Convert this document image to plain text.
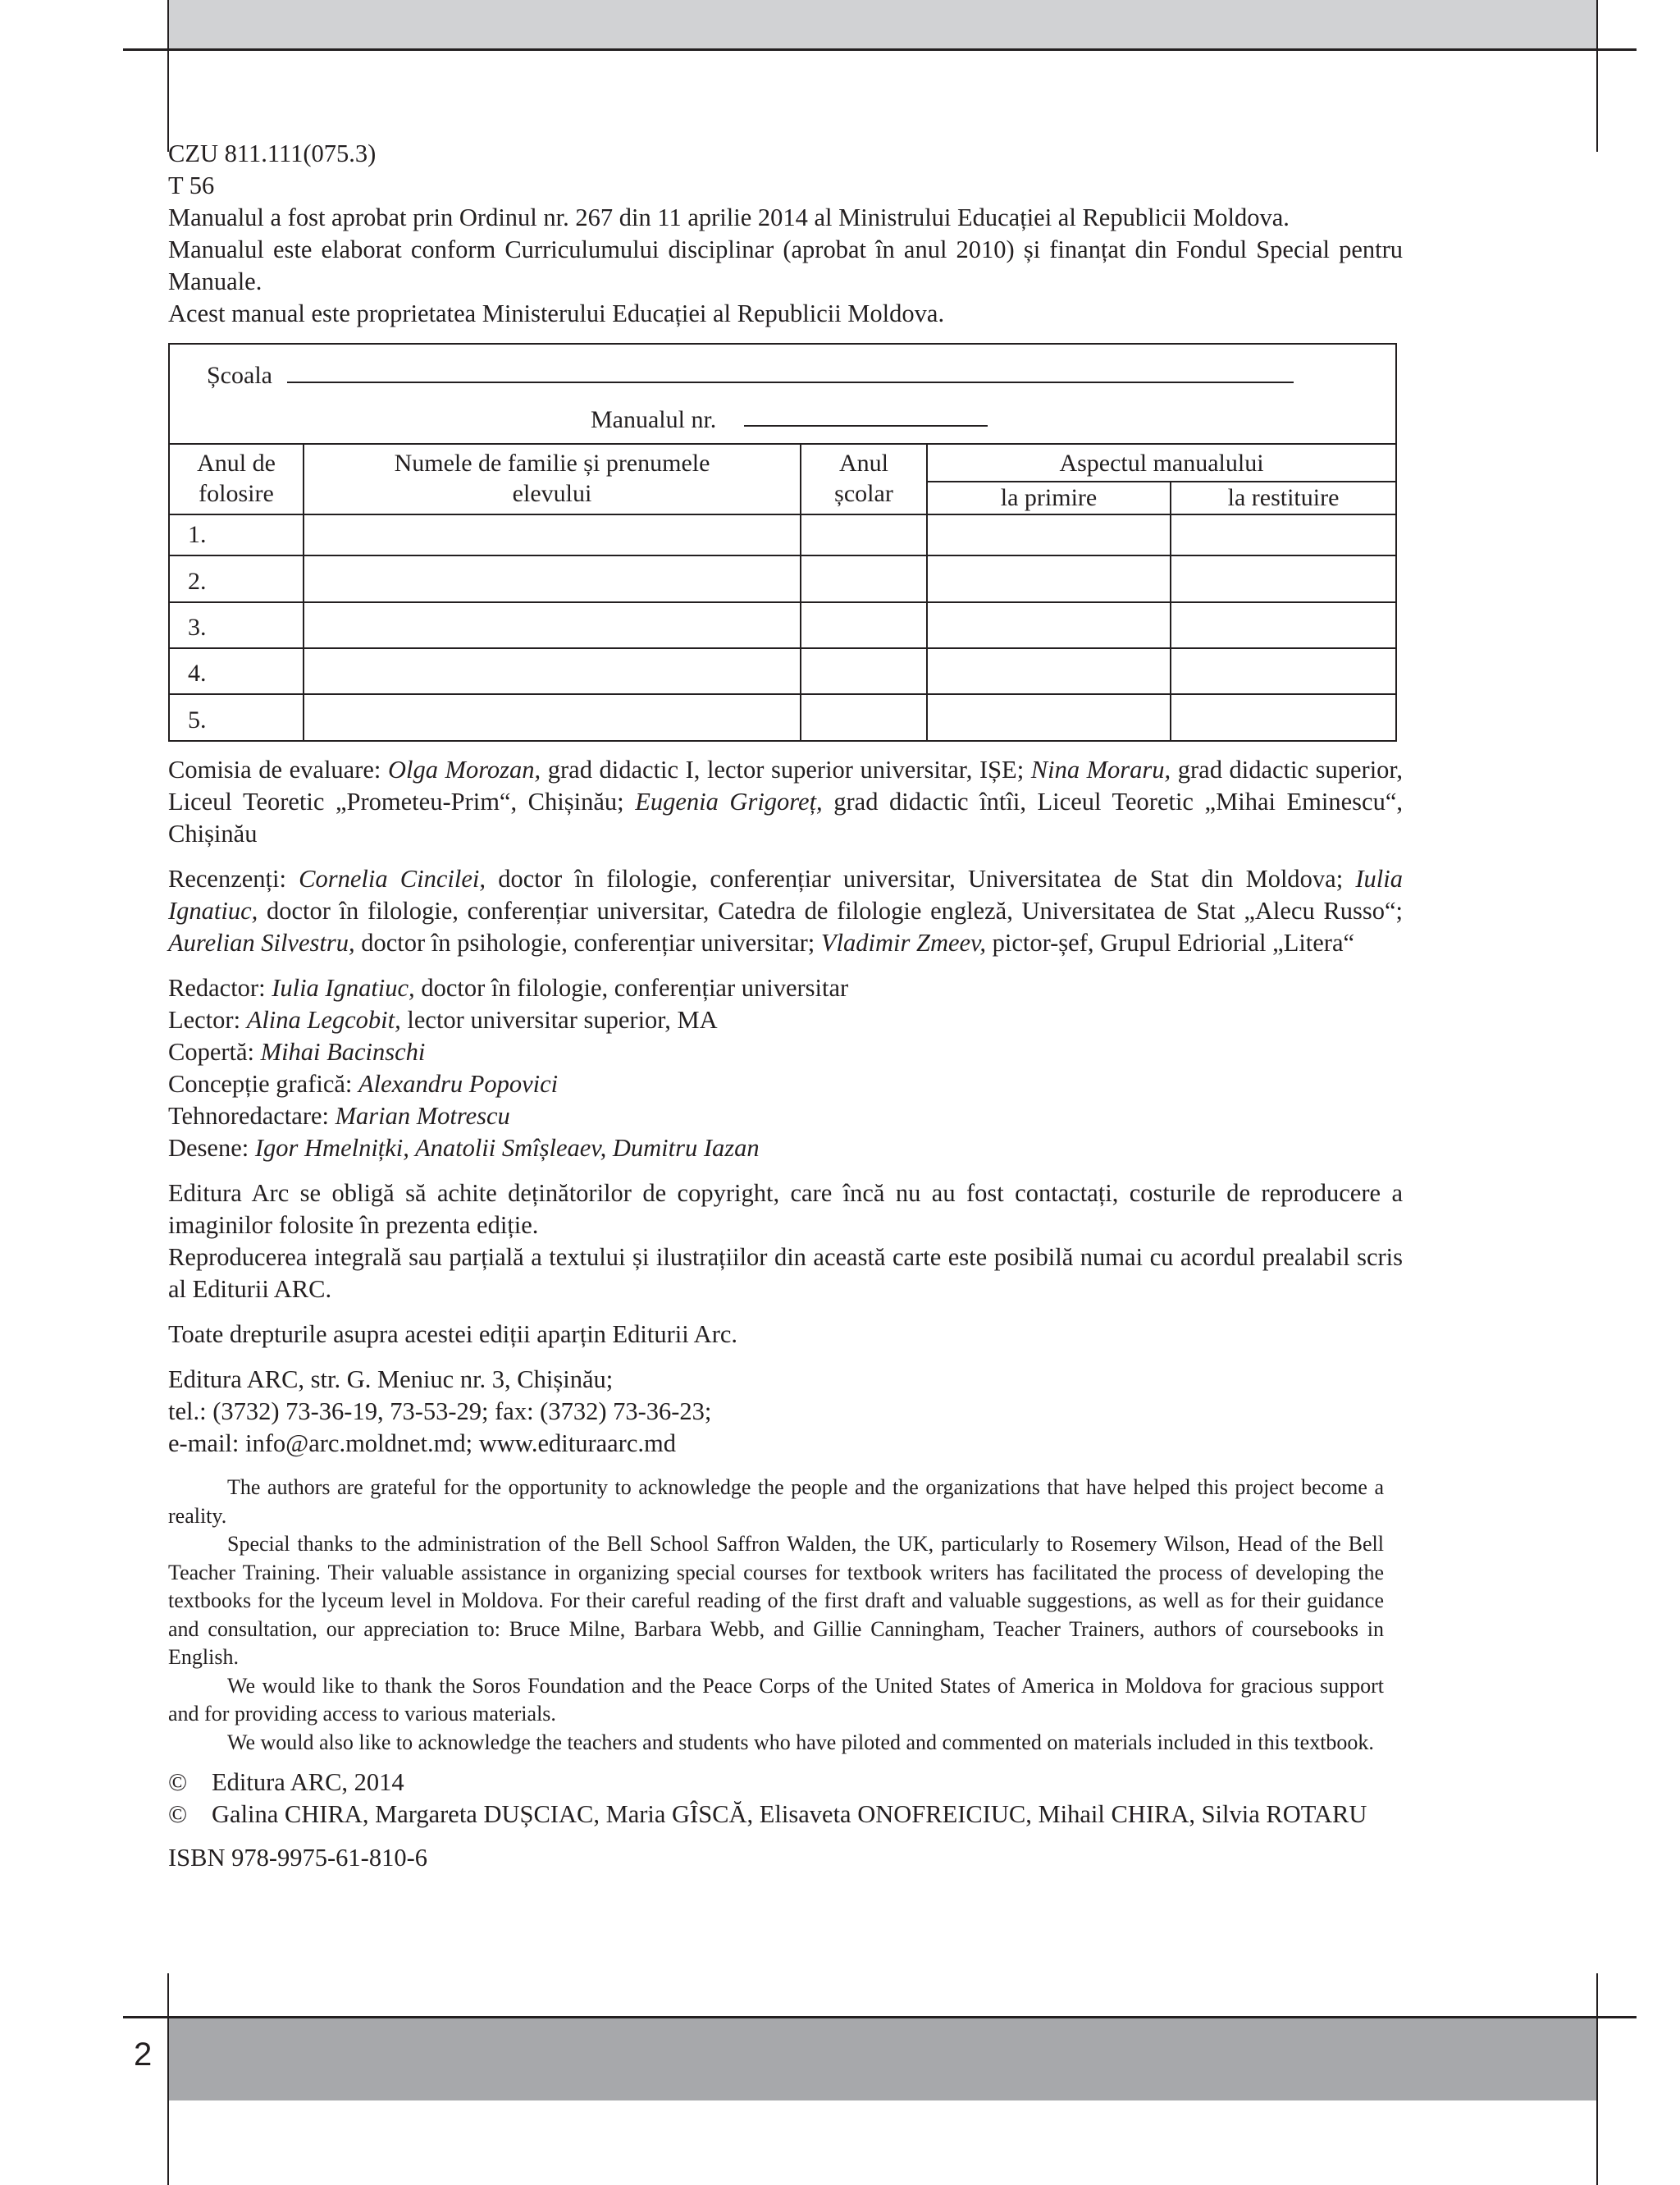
2

CZU 811.111(075.3)

T 56

Manualul a fost aprobat prin Ordinul nr. 267 din 11 aprilie 2014 al Ministrului Educației al Republicii Moldova.

Manualul este elaborat conform Curriculumului disciplinar (aprobat în anul 2010) și finanțat din Fondul Special pentru Manuale.

Acest manual este proprietatea Ministerului Educației al Republicii Moldova.

Școala
Manualul nr.
Anul de folosire	Numele de familie și prenumele elevului	Anul școlar	Aspectul manualului	
			la primire	la restituire
1.				
2.				
3.				
4.				
5.				

Comisia de evaluare: Olga Morozan, grad didactic I, lector superior universitar, IȘE; Nina Moraru, grad didactic superior, Liceul Teoretic „Prometeu-Prim“, Chișinău; Eugenia Grigoreț, grad didactic întîi, Liceul Teoretic „Mihai Eminescu“, Chișinău

Recenzenți: Cornelia Cincilei, doctor în filologie, conferențiar universitar, Universitatea de Stat din Moldova; Iulia Ignatiuc, doctor în filologie, conferențiar universitar, Catedra de filologie engleză, Universitatea de Stat „Alecu Russo“; Aurelian Silvestru, doctor în psihologie, conferențiar universitar; Vladimir Zmeev, pictor-șef, Grupul Edriorial „Litera“

Redactor: Iulia Ignatiuc, doctor în filologie, conferențiar universitar

Lector: Alina Legcobit, lector universitar superior, MA

Copertă: Mihai Bacinschi

Concepție grafică: Alexandru Popovici

Tehnoredactare: Marian Motrescu

Desene: Igor Hmelnițki, Anatolii Smîșleaev, Dumitru Iazan

Editura Arc se obligă să achite deținătorilor de copyright, care încă nu au fost contactați, costurile de reproducere a imaginilor folosite în prezenta ediție.

Reproducerea integrală sau parțială a textului și ilustrațiilor din această carte este posibilă numai cu acordul prealabil scris al Editurii ARC.

Toate drepturile asupra acestei ediții aparțin Editurii Arc.

Editura ARC, str. G. Meniuc nr. 3, Chișinău;

tel.: (3732) 73-36-19, 73-53-29; fax: (3732) 73-36-23;

e-mail: info@arc.moldnet.md; www.edituraarc.md

The authors are grateful for the opportunity to acknowledge the people and the organizations that have helped this project become a reality.

Special thanks to the administration of the Bell School Saffron Walden, the UK, particularly to Rosemery Wilson, Head of the Bell Teacher Training. Their valuable assistance in organizing special courses for textbook writers has facilitated the process of developing the textbooks for the lyceum level in Moldova. For their careful reading of the first draft and valuable suggestions, as well as for their guidance and consultation, our appreciation to: Bruce Milne, Barbara Webb, and Gillie Canningham, Teacher Trainers, authors of coursebooks in English.

We would like to thank the Soros Foundation and the Peace Corps of the United States of America in Moldova for gracious support and for providing access to various materials.

We would also like to acknowledge the teachers and students who have piloted and commented on materials included in this textbook.

© Editura ARC, 2014

© Galina CHIRA, Margareta DUȘCIAC, Maria GÎSCĂ, Elisaveta ONOFREICIUC, Mihail CHIRA, Silvia ROTARU

ISBN 978-9975-61-810-6
